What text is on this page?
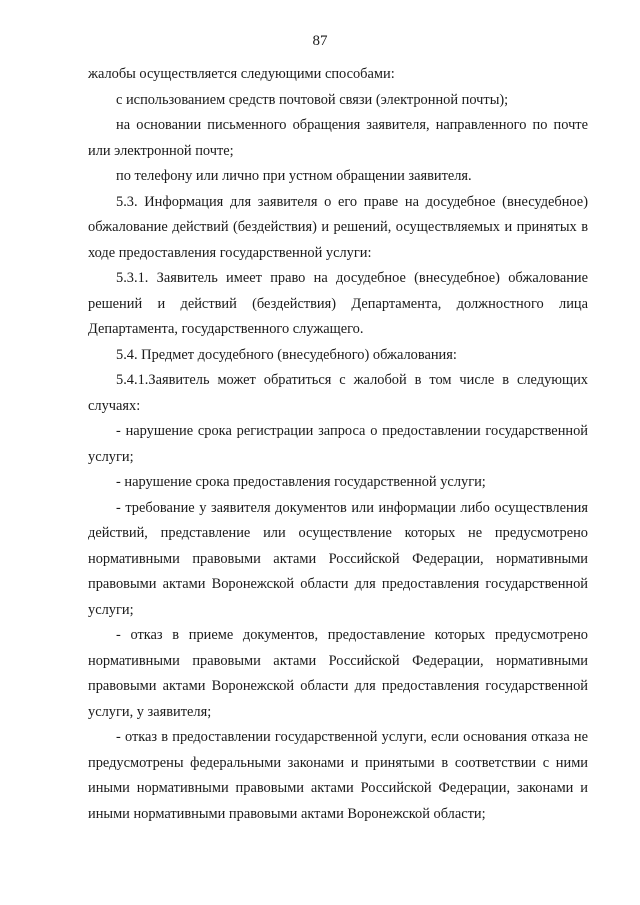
87

жалобы осуществляется следующими способами:

с использованием средств почтовой связи (электронной почты);

на основании письменного обращения заявителя, направленного по почте или электронной почте;

по телефону или лично при устном обращении заявителя.

5.3. Информация для заявителя о его праве на досудебное (внесудебное) обжалование действий (бездействия) и решений, осуществляемых и принятых в ходе предоставления государственной услуги:

5.3.1. Заявитель имеет право на досудебное (внесудебное) обжалование решений и действий (бездействия) Департамента, должностного лица Департамента, государственного служащего.

5.4. Предмет досудебного (внесудебного) обжалования:

5.4.1.Заявитель может обратиться с жалобой в том числе в следующих случаях:

- нарушение срока регистрации запроса о предоставлении государственной услуги;

- нарушение срока предоставления государственной услуги;

- требование у заявителя документов или информации либо осуществления действий, представление или осуществление которых не предусмотрено нормативными правовыми актами Российской Федерации, нормативными правовыми актами Воронежской области для предоставления государственной услуги;

- отказ в приеме документов, предоставление которых предусмотрено нормативными правовыми актами Российской Федерации, нормативными правовыми актами Воронежской области для предоставления государственной услуги, у заявителя;

- отказ в предоставлении государственной услуги, если основания отказа не предусмотрены федеральными законами и принятыми в соответствии с ними иными нормативными правовыми актами Российской Федерации, законами и иными нормативными правовыми актами Воронежской области;
